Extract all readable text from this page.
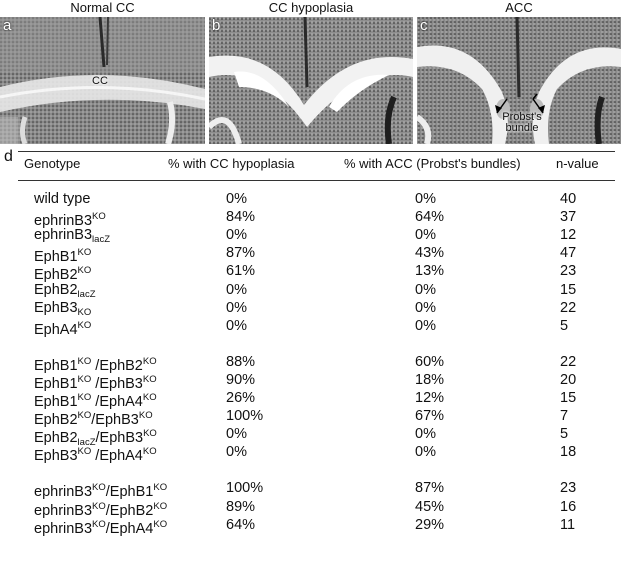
Normal CC
a
CC
CC hypoplasia
b
ACC
c
Probst's bundle
d Genotype	% with CC hypoplasia	% with ACC (Probst's bundles)	n-value
wild type	0%	0%	40
$ephrinB3^{KO}$	84%	64%	37
$ephrinB3_{lacZ}$	0%	0%	12
$EphB1^{KO}$	87%	43%	47
$EphB2^{KO}$	61%	13%	23
$EphB2_{lacZ}$	0%	0%	15
$EphB3_{KO}$	0%	0%	22
$EphA4^{KO}$	0%	0%	5
$EphB1^{KO}$ $/EphB2^{KO}$	88%	60%	22
$EphB1^{KO}$ $/EphB3^{KO}$	90%	18%	20
$EphB1^{KO}$ $/EphA4^{KO}$	26%	12%	15
$EphB2^{KO}/EphB3^{KO}$	100%	67%	7
$EphB2_{lacZ}/EphB3^{KO}$	0%	0%	5
$EphB3^{KO}$ $/EphA4^{KO}$	0%	0%	18
$ephrinB3^{KO}/EphB1^{KO}$	100%	87%	23
$ephrinB3^{KO}/EphB2^{KO}$	89%	45%	16
$ephrinB3^{KO}/EphA4^{KO}$	64%	29%	11
